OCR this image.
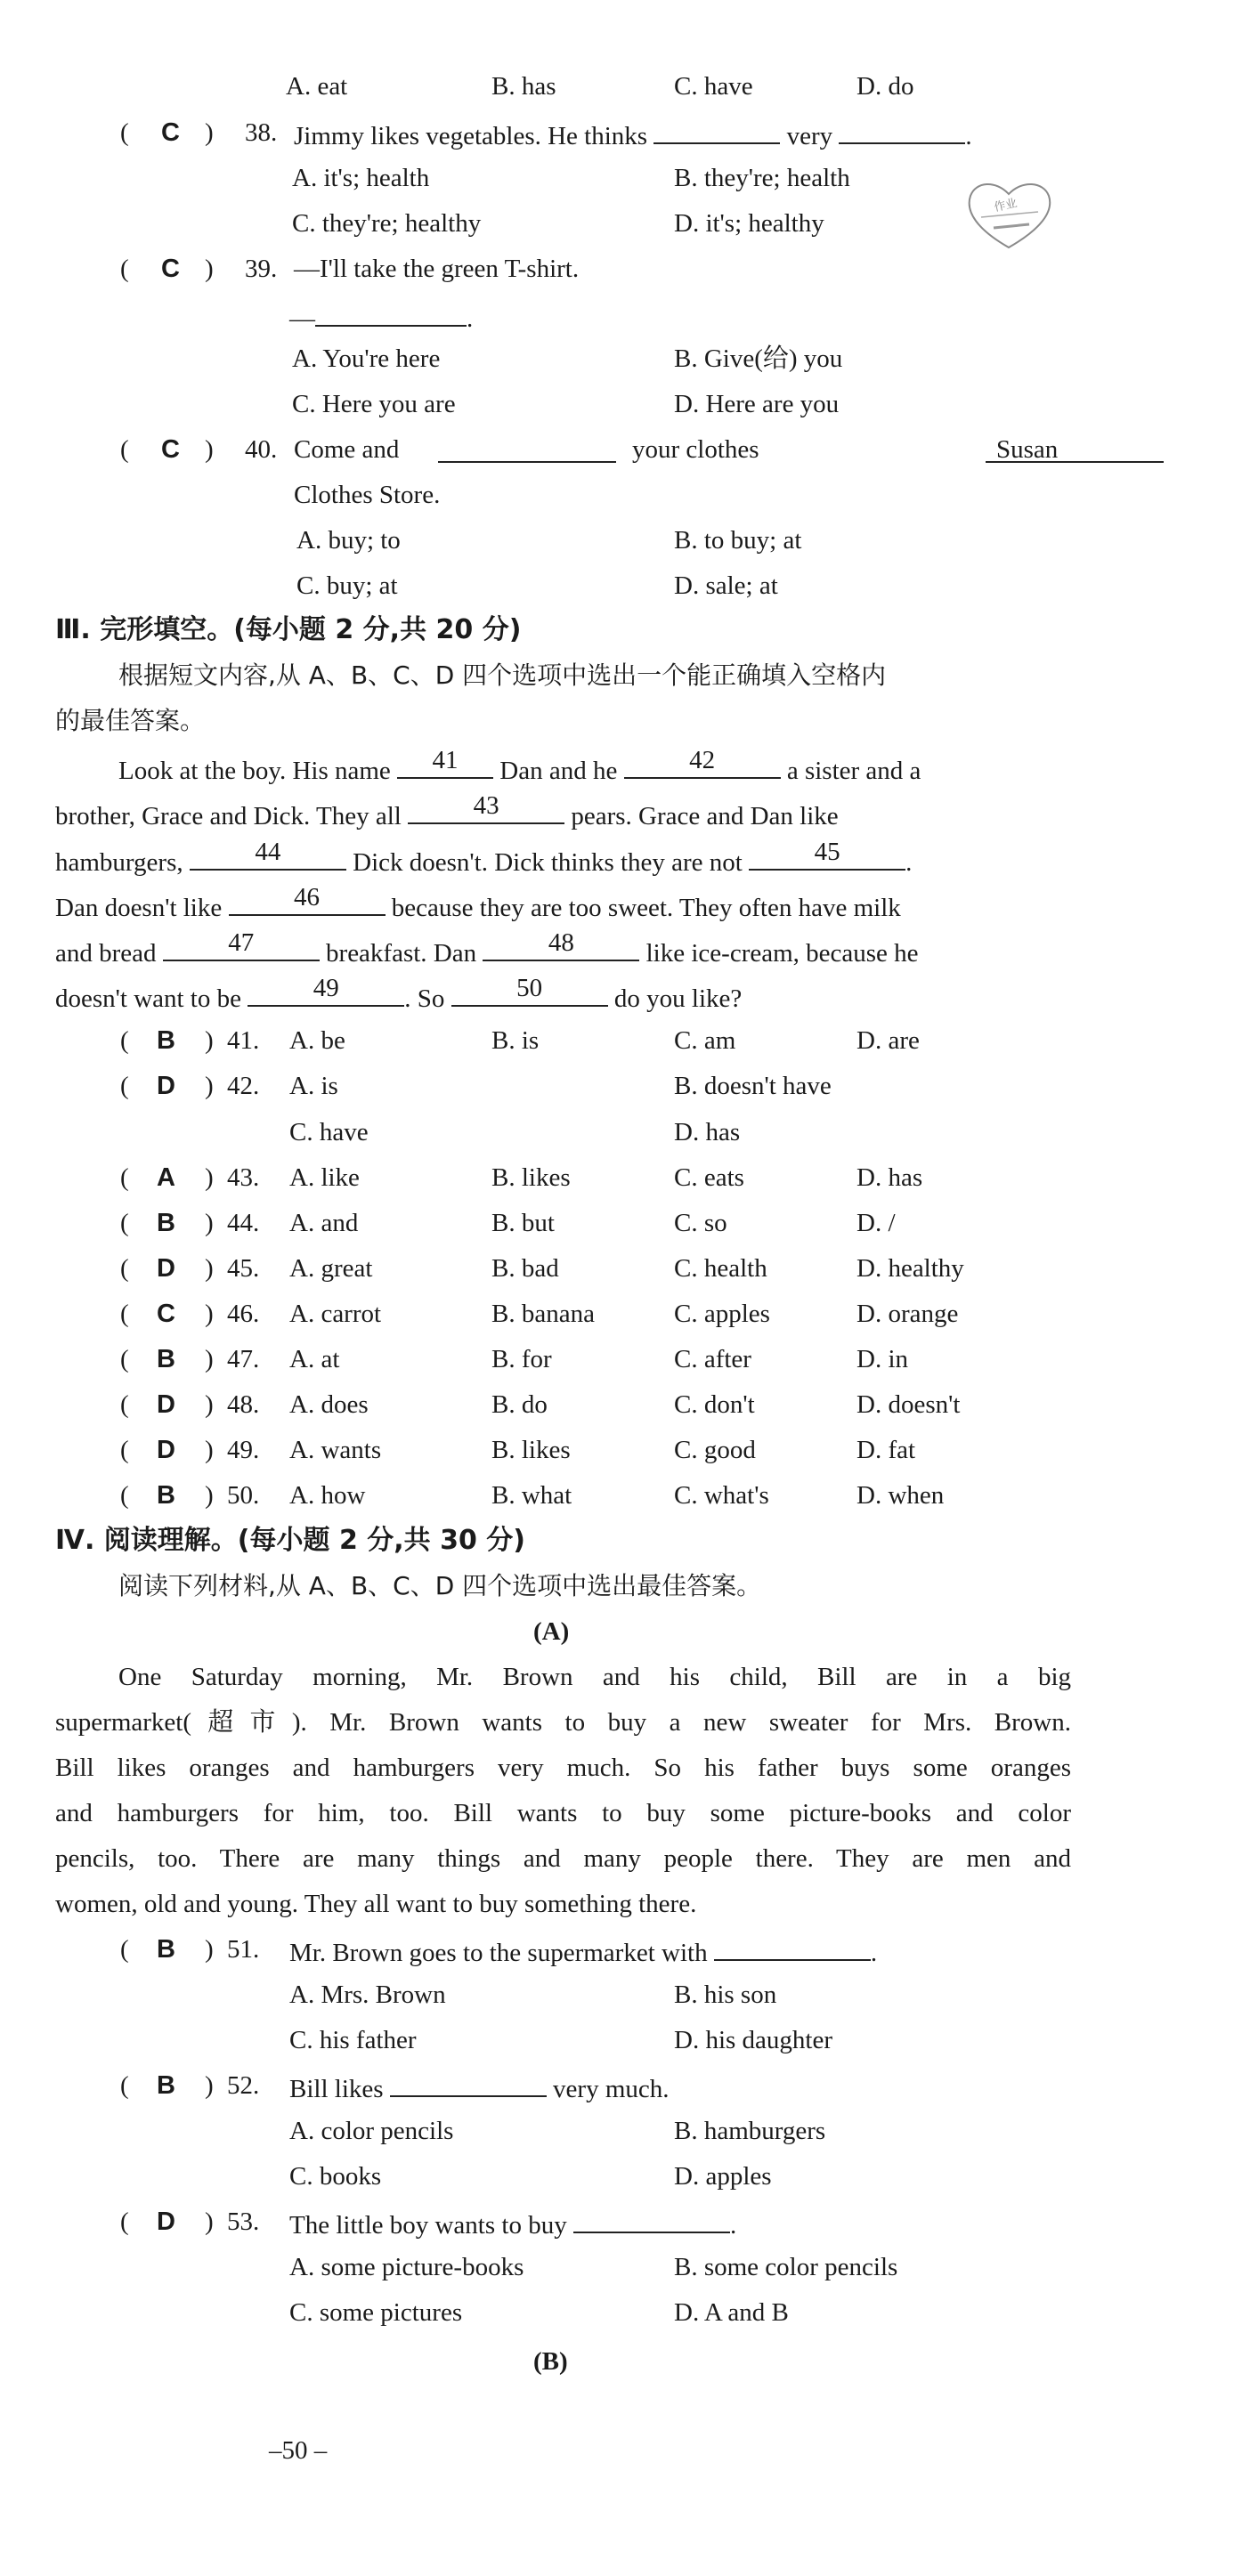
A. eat	B. has	C. have	D. do
( C ) 38. Jimmy likes vegetables. He thinks	very	.
A. it's; health	B. they're; health
C. they're; healthy	D. it's; healthy
作业
( C ) 39. —I'll take the green T-shirt.
—	.
A. You're here	B. Give(给) you
C. Here you are	D. Here are you
( C ) 40. Come and
	your clothes	Susan
Clothes Store.
A. buy; to	B. to buy; at
C. buy; at	D. sale; at
Ⅲ. 完形填空。(每小题 2 分,共 20 分)
根据短文内容,从 A、B、C、D 四个选项中选出一个能正确填入空格内
的最佳答案。
Look at the boy. His name	41	Dan and he	42	a sister and a
brother, Grace and Dick. They all	43	pears. Grace and Dan like
hamburgers,	44	Dick doesn't. Dick thinks they are not	45	.
Dan doesn't like	46	because they are too sweet. They often have milk
and bread	47	breakfast. Dan	48	like ice-cream, because he
doesn't want to be	49	. So	50	do you like?
( B ) 41. A. be	B. is	C. am	D. are
( D ) 42. A. is	B. doesn't have
C. have	D. has
( A ) 43. A. like	B. likes	C. eats	D. has
( B ) 44. A. and	B. but	C. so	D. /
( D ) 45. A. great	B. bad	C. health	D. healthy
( C ) 46. A. carrot	B. banana	C. apples	D. orange
( B ) 47. A. at	B. for	C. after	D. in
( D ) 48. A. does	B. do	C. don't	D. doesn't
( D ) 49. A. wants	B. likes	C. good	D. fat
( B ) 50. A. how	B. what	C. what's	D. when
Ⅳ. 阅读理解。(每小题 2 分,共 30 分)
阅读下列材料,从 A、B、C、D 四个选项中选出最佳答案。
(A)
One Saturday morning, Mr. Brown and his child, Bill are in a big
supermarket(超市). Mr. Brown wants to buy a new sweater for Mrs. Brown.
Bill likes oranges and hamburgers very much. So his father buys some oranges
and hamburgers for him, too. Bill wants to buy some picture-books and color
pencils, too. There are many things and many people there. They are men and
women, old and young. They all want to buy something there.
( B ) 51. Mr. Brown goes to the supermarket with	.
A. Mrs. Brown	B. his son
C. his father	D. his daughter
( B ) 52. Bill likes	very much.
A. color pencils	B. hamburgers
C. books	D. apples
( D ) 53. The little boy wants to buy	.
A. some picture-books	B. some color pencils
C. some pictures	D. A and B
(B)
–50 –
